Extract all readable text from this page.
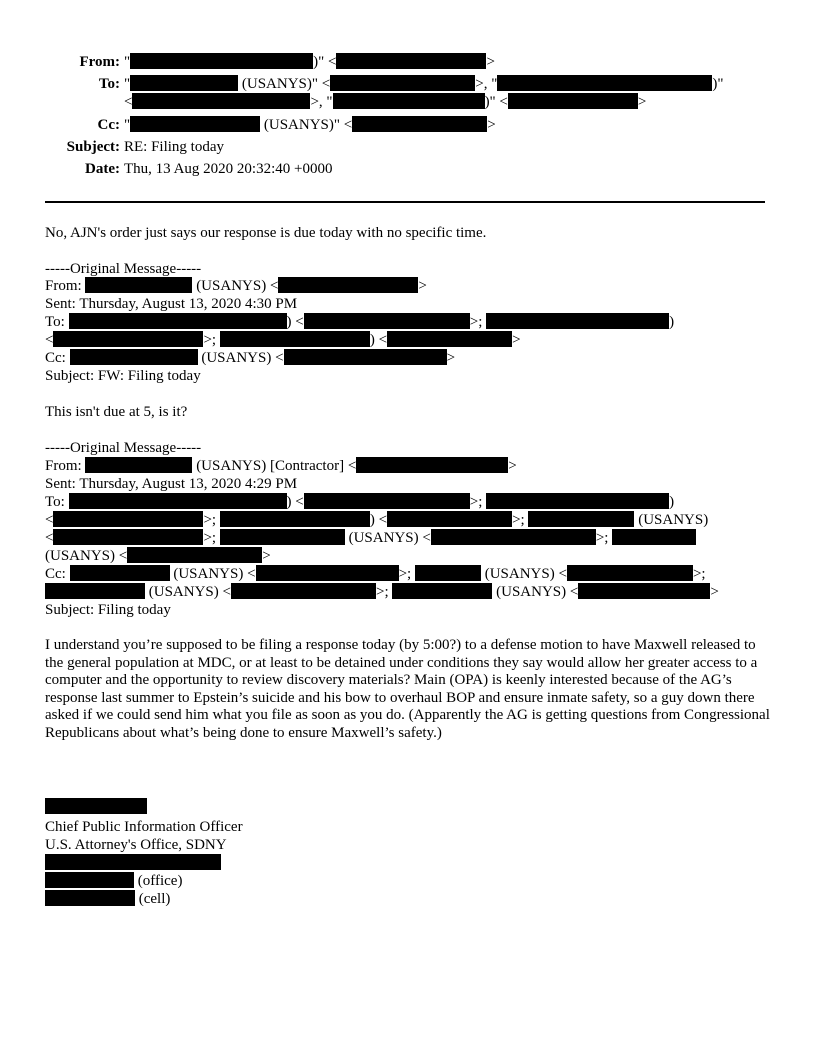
From: "	)" <	>
To: "	(USANYS)" <	>, "	)"
<	>, "	)" <	>
Cc: "	(USANYS)" <	>
Subject: RE: Filing today
Date: Thu, 13 Aug 2020 20:32:40 +0000
No, AJN's order just says our response is due today with no specific time.
-----Original Message-----
From:	(USANYS) <	>
Sent: Thursday, August 13, 2020 4:30 PM
To:	) <	>;	)
<	>;	) <	>
Cc:	(USANYS) <	>
Subject: FW: Filing today
This isn't due at 5, is it?
-----Original Message-----
From:	(USANYS) [Contractor] <	>
Sent: Thursday, August 13, 2020 4:29 PM
To:	) <	>;	)
<	>;	) <	>;	(USANYS)
<	>;	(USANYS) <	>;
(USANYS) <	>
Cc:	(USANYS) <	>;	(USANYS) <	>;
(USANYS) <	>;	(USANYS) <	>
Subject: Filing today
I understand you’re supposed to be filing a response today (by 5:00?) to a defense motion to have Maxwell released to the general population at MDC, or at least to be detained under conditions they say would allow her greater access to a computer and the opportunity to review discovery materials? Main (OPA) is keenly interested because of the AG’s response last summer to Epstein’s suicide and his bow to overhaul BOP and ensure inmate safety, so a guy down there asked if we could send him what you file as soon as you do. (Apparently the AG is getting questions from Congressional Republicans about what’s being done to ensure Maxwell’s safety.)
Chief Public Information Officer
U.S. Attorney's Office, SDNY
(office)
(cell)
